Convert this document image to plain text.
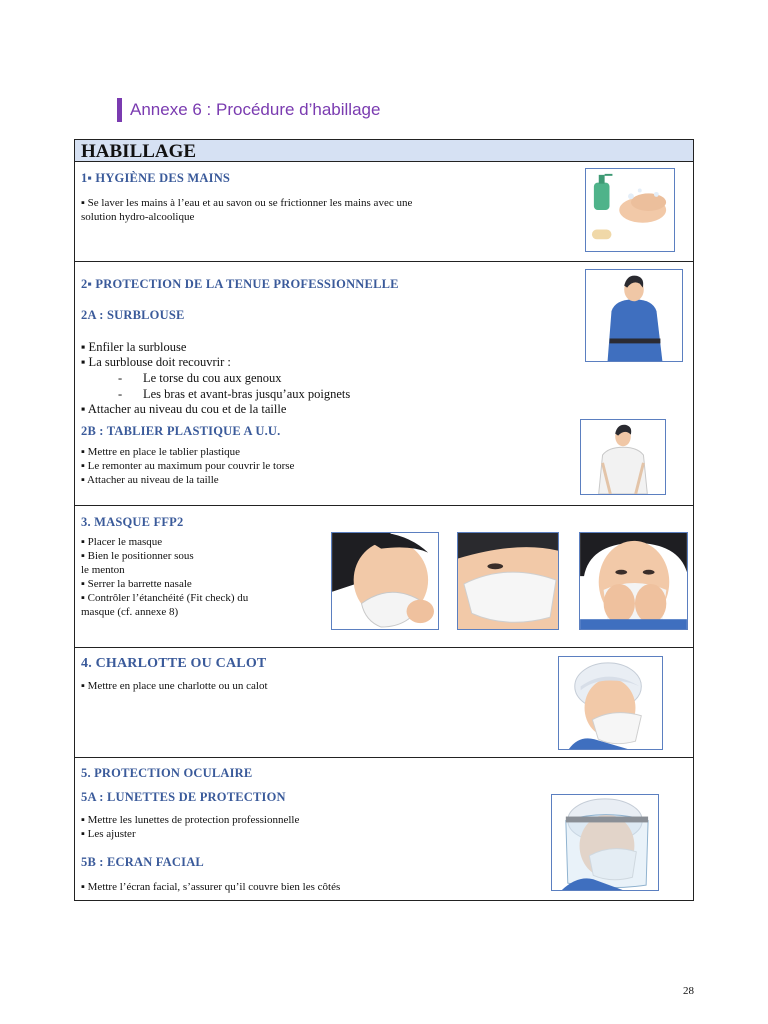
Annexe 6 : Procédure d’habillage
HABILLAGE
1▪ HYGIÈNE DES MAINS
▪ Se laver les mains à l’eau et au savon ou se frictionner les mains avec une
solution hydro-alcoolique
2▪ PROTECTION DE LA TENUE PROFESSIONNELLE
2A : SURBLOUSE
▪ Enfiler la surblouse
▪ La surblouse doit recouvrir :
- Le torse du cou aux genoux
- Les bras et avant-bras jusqu’aux poignets
▪ Attacher au niveau du cou et de la taille
2B : TABLIER PLASTIQUE A U.U.
▪ Mettre en place le tablier plastique
▪ Le remonter au maximum pour couvrir le torse
▪ Attacher au niveau de la taille
3. MASQUE FFP2
▪ Placer le masque
▪ Bien le positionner sous
le menton
▪ Serrer la barrette nasale
▪ Contrôler l’étanchéité (Fit check) du
masque (cf. annexe 8)
4. CHARLOTTE OU CALOT
▪ Mettre en place une charlotte ou un calot
5. PROTECTION OCULAIRE
5A : LUNETTES DE PROTECTION
▪ Mettre les lunettes de protection professionnelle
▪ Les ajuster
5B : ECRAN FACIAL
▪ Mettre l’écran facial, s’assurer qu’il couvre bien les côtés
28
